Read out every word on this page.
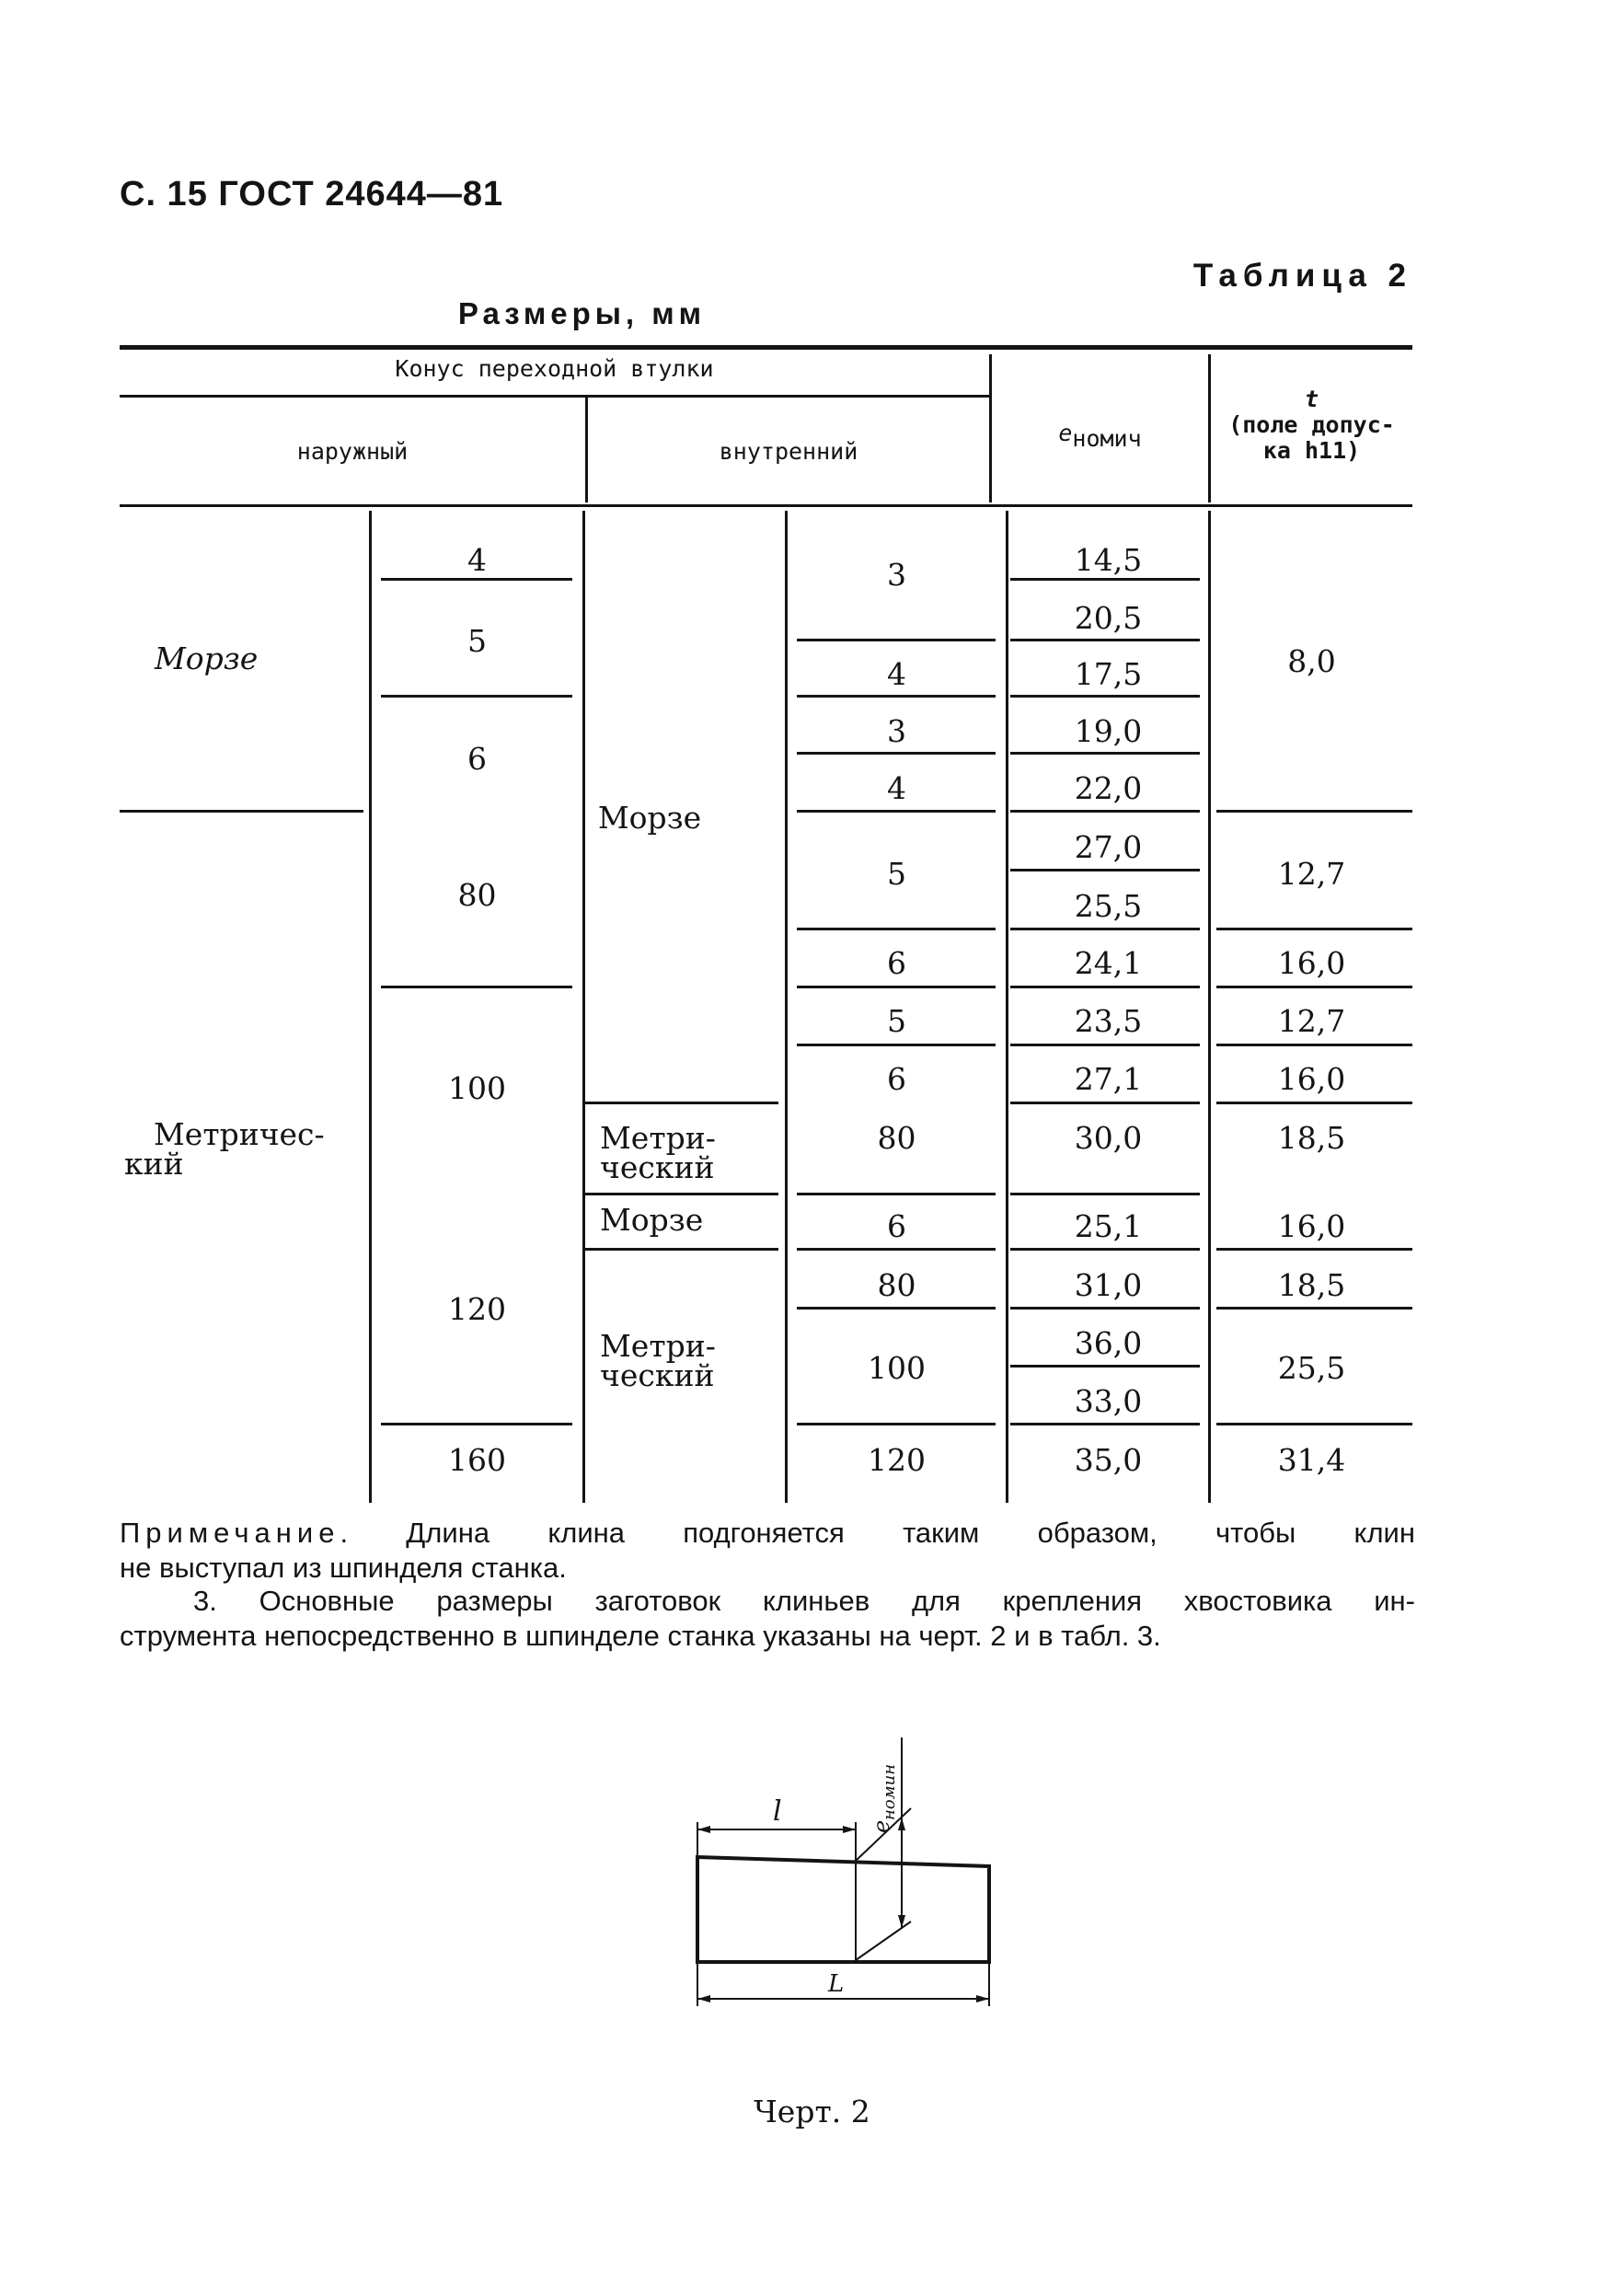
С. 15 ГОСТ 24644—81
Таблица 2
Размеры, мм
Конус переходной втулки
наружный	внутренний
eномич
t
(поле допус-
ка h11)
Морзе
Метричес-
кий
4
5
6
80
100
120
160
Морзе
Метри-
ческий
Морзе
Метри-
ческий
3
4
3
4
5
6
5
6
80
6
80
100
120
14,5
20,5
17,5
19,0
22,0
27,0
25,5
24,1
23,5
27,1
30,0
25,1
31,0
36,0
33,0
35,0
8,0
12,7
16,0
12,7
16,0
18,5
16,0
18,5
25,5
31,4
Примечание. Длина клина подгоняется таким образом, чтобы клин
не выступал из шпинделя станка.
3. Основные размеры заготовок клиньев для крепления хвостовика ин-
струмента непосредственно в шпинделе станка указаны на черт. 2 и в табл. 3.
l
L
e
номин
Черт. 2
